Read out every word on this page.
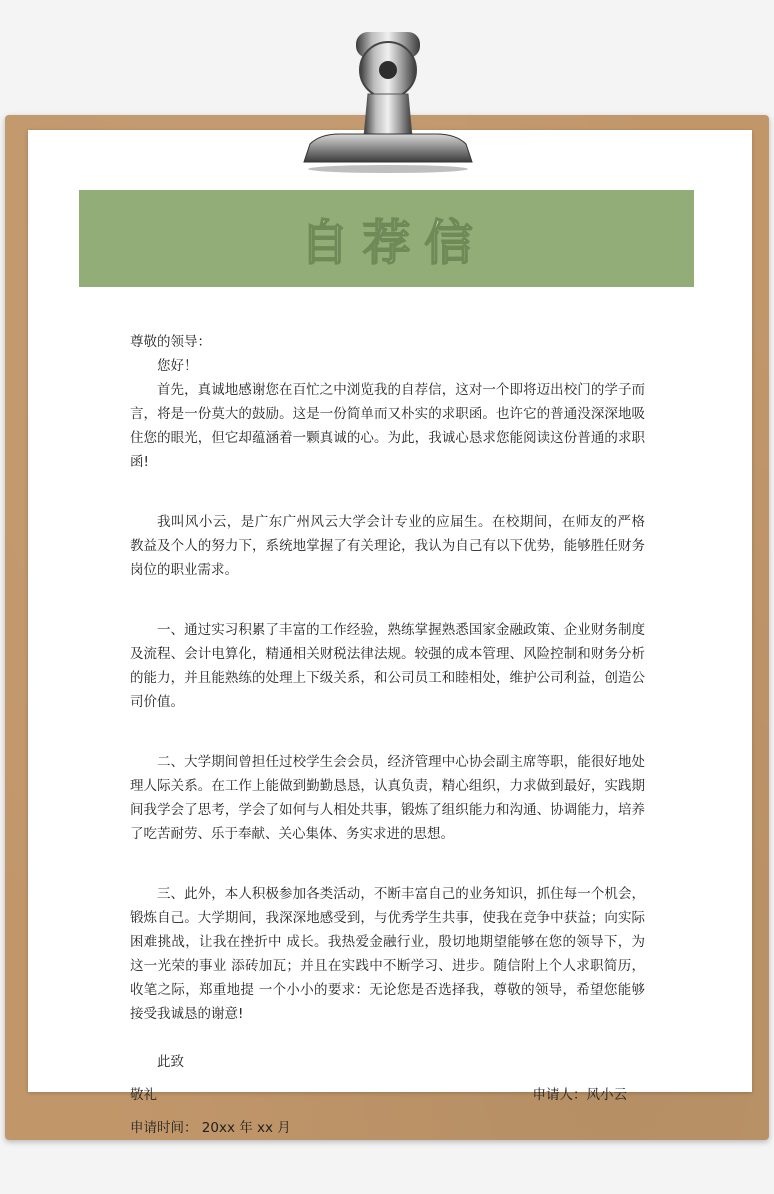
自荐信

尊敬的领导：

您好！

首先，真诚地感谢您在百忙之中浏览我的自荐信，这对一个即将迈出校门的学子而言，将是一份莫大的鼓励。这是一份简单而又朴实的求职函。也许它的普通没深深地吸住您的眼光，但它却蕴涵着一颗真诚的心。为此，我诚心恳求您能阅读这份普通的求职函!

我叫风小云，是广东广州风云大学会计专业的应届生。在校期间，在师友的严格 教益及个人的努力下，系统地掌握了有关理论，我认为自己有以下优势，能够胜任财务岗位的职业需求。

一、通过实习积累了丰富的工作经验，熟练掌握熟悉国家金融政策、企业财务制度及流程、会计电算化，精通相关财税法律法规。较强的成本管理、风险控制和财务分析的能力，并且能熟练的处理上下级关系，和公司员工和睦相处，维护公司利益，创造公司价值。

二、大学期间曾担任过校学生会会员，经济管理中心协会副主席等职，能很好地处理人际关系。在工作上能做到勤勤恳恳，认真负责，精心组织，力求做到最好，实践期间我学会了思考，学会了如何与人相处共事，锻炼了组织能力和沟通、协调能力，培养了吃苦耐劳、乐于奉献、关心集体、务实求进的思想。

三、此外，本人积极参加各类活动，不断丰富自己的业务知识，抓住每一个机会，锻炼自己。大学期间，我深深地感受到，与优秀学生共事，使我在竞争中获益；向实际困难挑战，让我在挫折中 成长。我热爱金融行业，殷切地期望能够在您的领导下，为这一光荣的事业 添砖加瓦；并且在实践中不断学习、进步。随信附上个人求职简历，收笔之际，郑重地提 一个小小的要求：无论您是否选择我，尊敬的领导，希望您能够接受我诚恳的谢意!

此致

敬礼	申请人：风小云

申请时间： 20xx 年 xx 月
